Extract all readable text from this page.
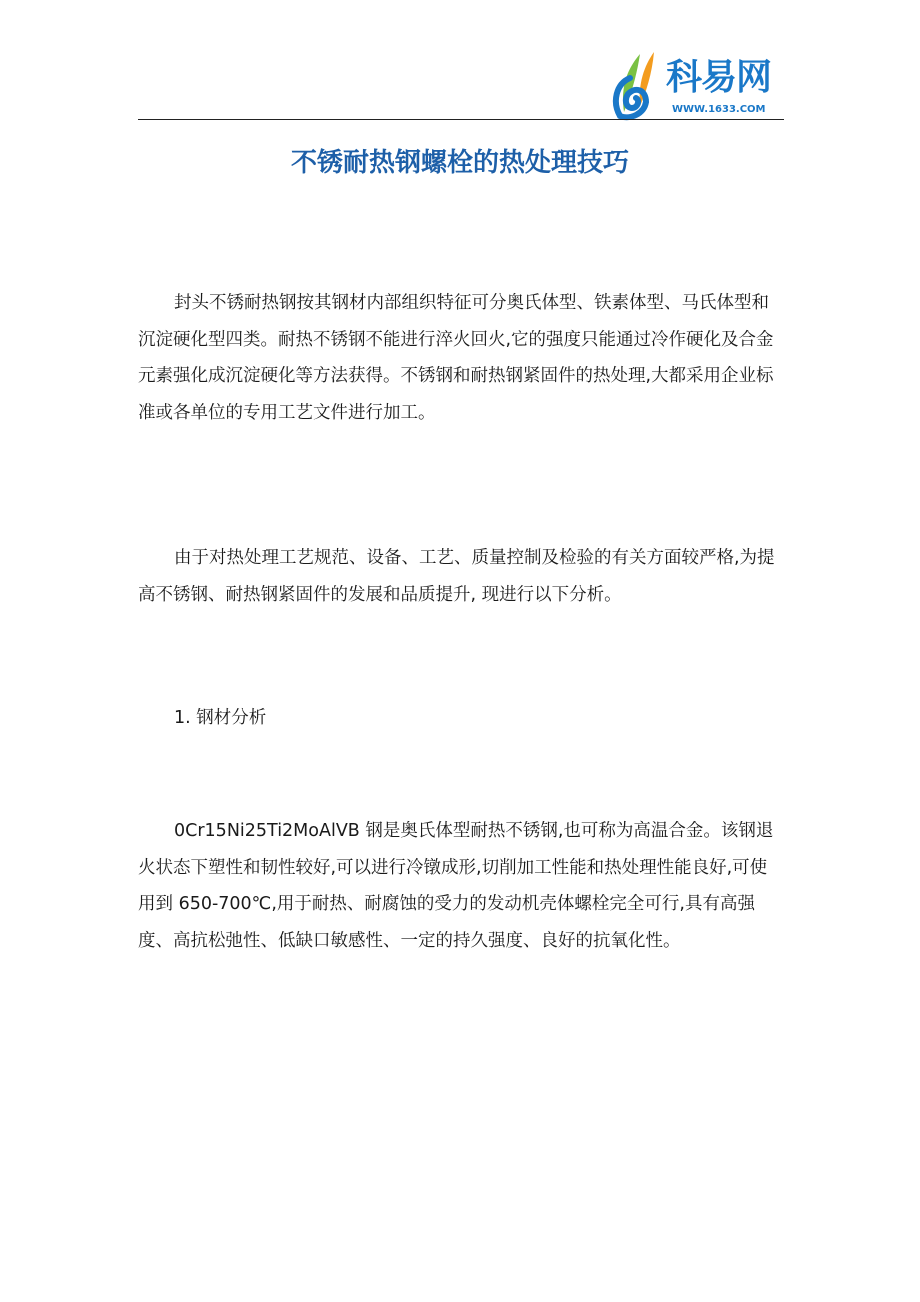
科易网
WWW.1633.COM
不锈耐热钢螺栓的热处理技巧

封头不锈耐热钢按其钢材内部组织特征可分奥氏体型、铁素体型、马氏体型和沉淀硬化型四类。耐热不锈钢不能进行淬火回火,它的强度只能通过冷作硬化及合金元素强化成沉淀硬化等方法获得。不锈钢和耐热钢紧固件的热处理,大都采用企业标准或各单位的专用工艺文件进行加工。

由于对热处理工艺规范、设备、工艺、质量控制及检验的有关方面较严格,为提高不锈钢、耐热钢紧固件的发展和品质提升, 现进行以下分析。

1. 钢材分析

0Cr15Ni25Ti2MoAlVB 钢是奥氏体型耐热不锈钢,也可称为高温合金。该钢退火状态下塑性和韧性较好,可以进行冷镦成形,切削加工性能和热处理性能良好,可使用到 650-700℃,用于耐热、耐腐蚀的受力的发动机壳体螺栓完全可行,具有高强度、高抗松弛性、低缺口敏感性、一定的持久强度、良好的抗氧化性。
